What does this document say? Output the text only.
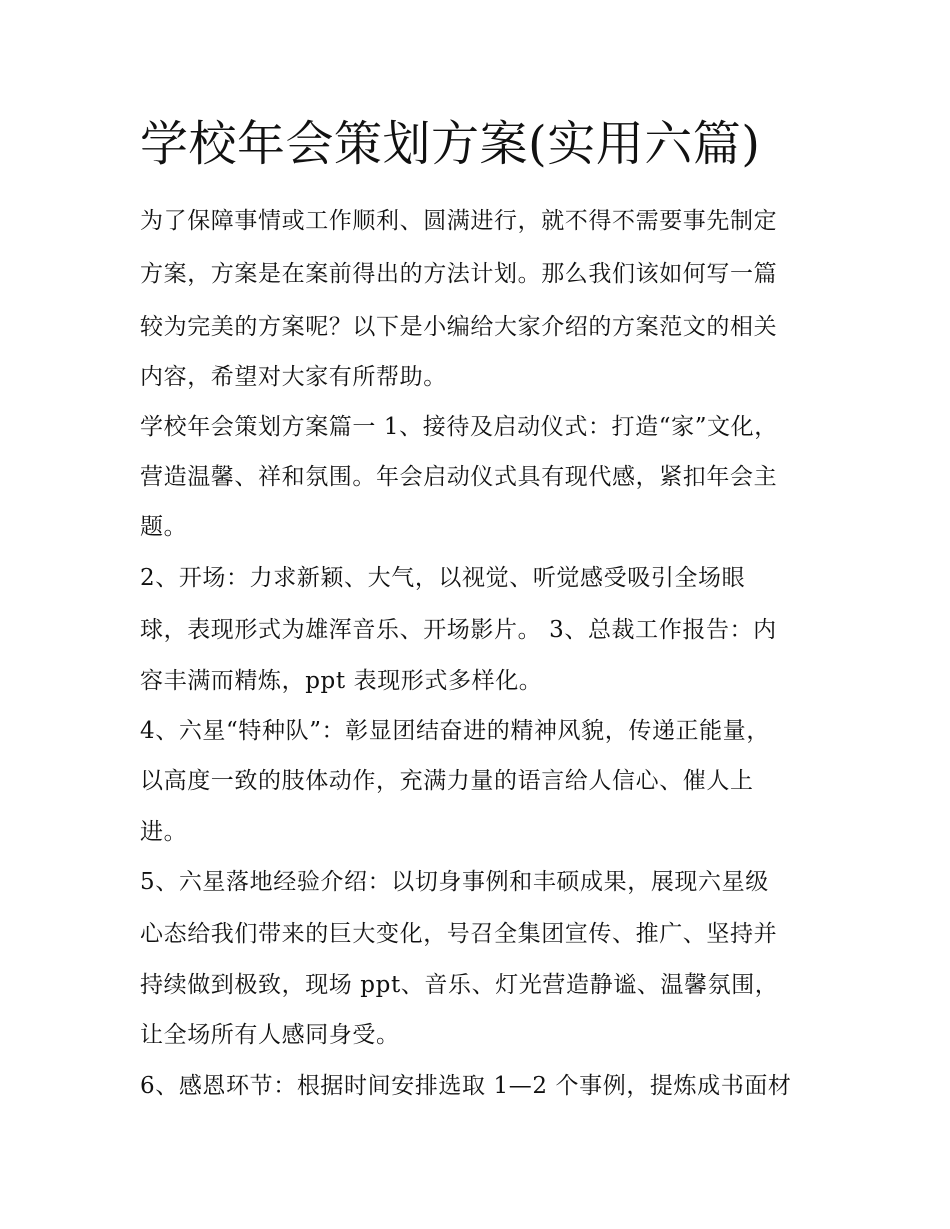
学校年会策划方案(实用六篇)

为了保障事情或工作顺利、圆满进行，就不得不需要事先制定

方案，方案是在案前得出的方法计划。那么我们该如何写一篇

较为完美的方案呢？以下是小编给大家介绍的方案范文的相关

内容，希望对大家有所帮助。

学校年会策划方案篇一 1、接待及启动仪式：打造“家”文化，

营造温馨、祥和氛围。年会启动仪式具有现代感，紧扣年会主

题。

2、开场：力求新颖、大气，以视觉、听觉感受吸引全场眼

球，表现形式为雄浑音乐、开场影片。 3、总裁工作报告：内

容丰满而精炼，ppt 表现形式多样化。

4、六星“特种队”：彰显团结奋进的精神风貌，传递正能量，

以高度一致的肢体动作，充满力量的语言给人信心、催人上

进。

5、六星落地经验介绍：以切身事例和丰硕成果，展现六星级

心态给我们带来的巨大变化，号召全集团宣传、推广、坚持并

持续做到极致，现场 ppt、音乐、灯光营造静谧、温馨氛围，

让全场所有人感同身受。

6、感恩环节：根据时间安排选取 1—2 个事例，提炼成书面材
